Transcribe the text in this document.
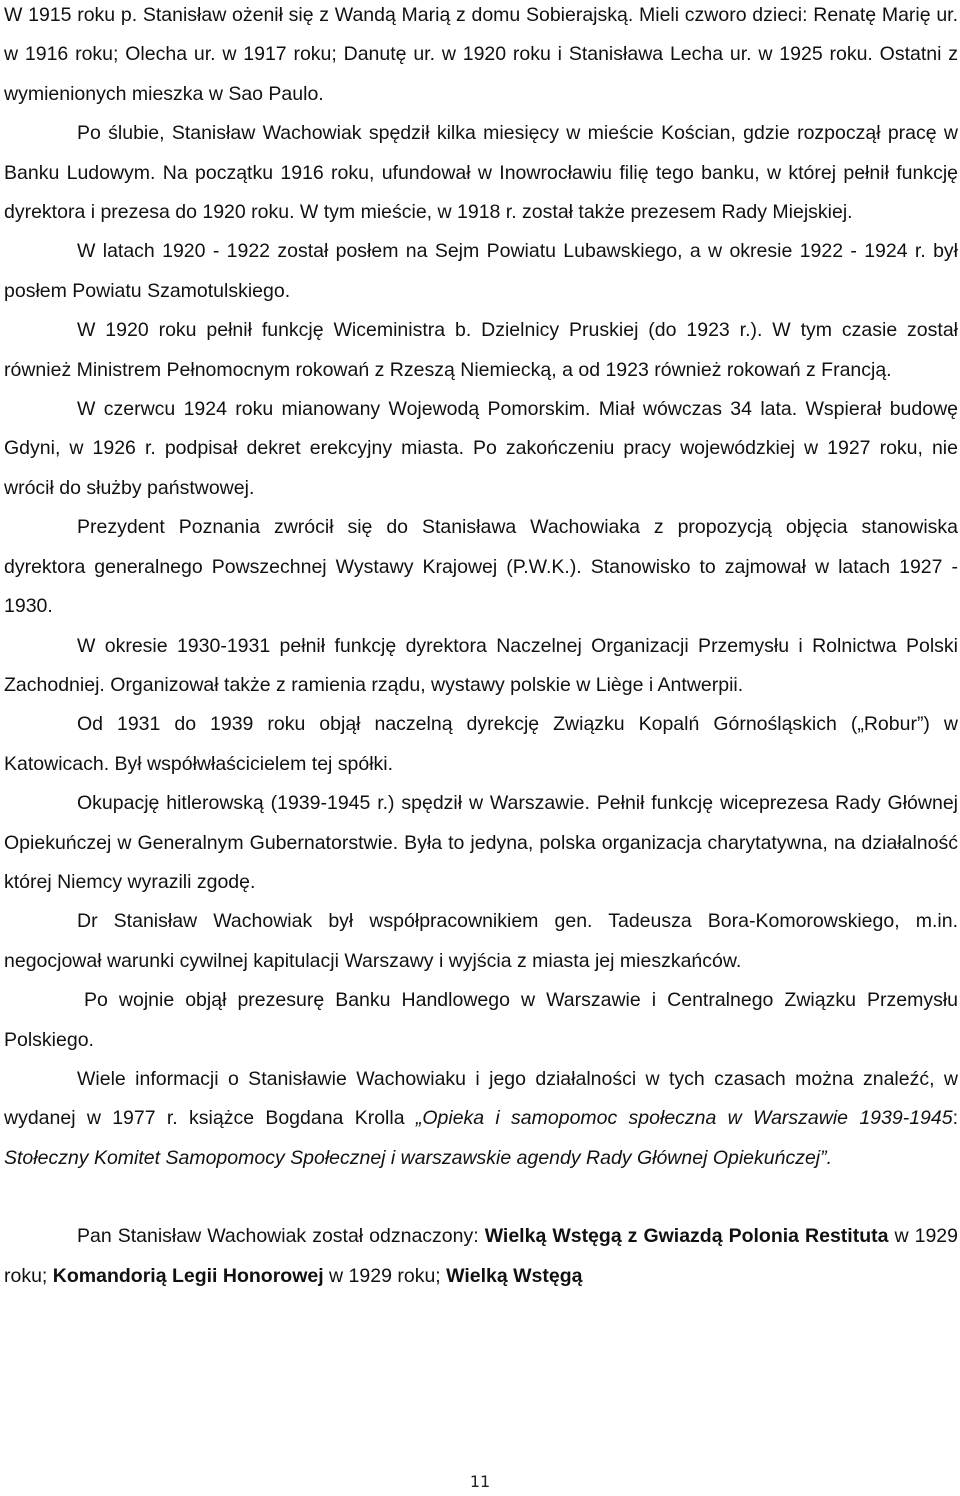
W 1915 roku p. Stanisław ożenił się z Wandą Marią z domu Sobierajską. Mieli czworo dzieci: Renatę Marię ur. w 1916 roku; Olecha ur. w 1917 roku; Danutę ur. w 1920 roku i Stanisława Lecha ur. w 1925 roku. Ostatni z wymienionych mieszka w Sao Paulo.

Po ślubie, Stanisław Wachowiak spędził kilka miesięcy w mieście Kościan, gdzie rozpoczął pracę w Banku Ludowym. Na początku 1916 roku, ufundował w Inowrocławiu filię tego banku, w której pełnił funkcję dyrektora i prezesa do 1920 roku. W tym mieście, w 1918 r. został także prezesem Rady Miejskiej.

W latach 1920 - 1922 został posłem na Sejm Powiatu Lubawskiego, a w okresie 1922 - 1924 r. był posłem Powiatu Szamotulskiego.

W 1920 roku pełnił funkcję Wiceministra b. Dzielnicy Pruskiej (do 1923 r.). W tym czasie został również Ministrem Pełnomocnym rokowań z Rzeszą Niemiecką, a od 1923 również rokowań z Francją.

W czerwcu 1924 roku mianowany Wojewodą Pomorskim. Miał wówczas 34 lata. Wspierał budowę Gdyni, w 1926 r. podpisał dekret erekcyjny miasta. Po zakończeniu pracy wojewódzkiej w 1927 roku, nie wrócił do służby państwowej.

Prezydent Poznania zwrócił się do Stanisława Wachowiaka z propozycją objęcia stanowiska dyrektora generalnego Powszechnej Wystawy Krajowej (P.W.K.). Stanowisko to zajmował w latach 1927 - 1930.

W okresie 1930-1931 pełnił funkcję dyrektora Naczelnej Organizacji Przemysłu i Rolnictwa Polski Zachodniej. Organizował także z ramienia rządu, wystawy polskie w Liège i Antwerpii.

Od 1931 do 1939 roku objął naczelną dyrekcję Związku Kopalń Górnośląskich („Robur”) w Katowicach. Był współwłaścicielem tej spółki.

Okupację hitlerowską (1939-1945 r.) spędził w Warszawie. Pełnił funkcję wiceprezesa Rady Głównej Opiekuńczej w Generalnym Gubernatorstwie. Była to jedyna, polska organizacja charytatywna, na działalność której Niemcy wyrazili zgodę.

Dr Stanisław Wachowiak był współpracownikiem gen. Tadeusza Bora-Komorowskiego, m.in. negocjował warunki cywilnej kapitulacji Warszawy i wyjścia z miasta jej mieszkańców.

Po wojnie objął prezesurę Banku Handlowego w Warszawie i Centralnego Związku Przemysłu Polskiego.

Wiele informacji o Stanisławie Wachowiaku i jego działalności w tych czasach można znaleźć, w wydanej w 1977 r. książce Bogdana Krolla „Opieka i samopomoc społeczna w Warszawie 1939-1945: Stołeczny Komitet Samopomocy Społecznej i warszawskie agendy Rady Głównej Opiekuńczej”.

Pan Stanisław Wachowiak został odznaczony: Wielką Wstęgą z Gwiazdą Polonia Restituta w 1929 roku; Komandorią Legii Honorowej w 1929 roku; Wielką Wstęgą

11
